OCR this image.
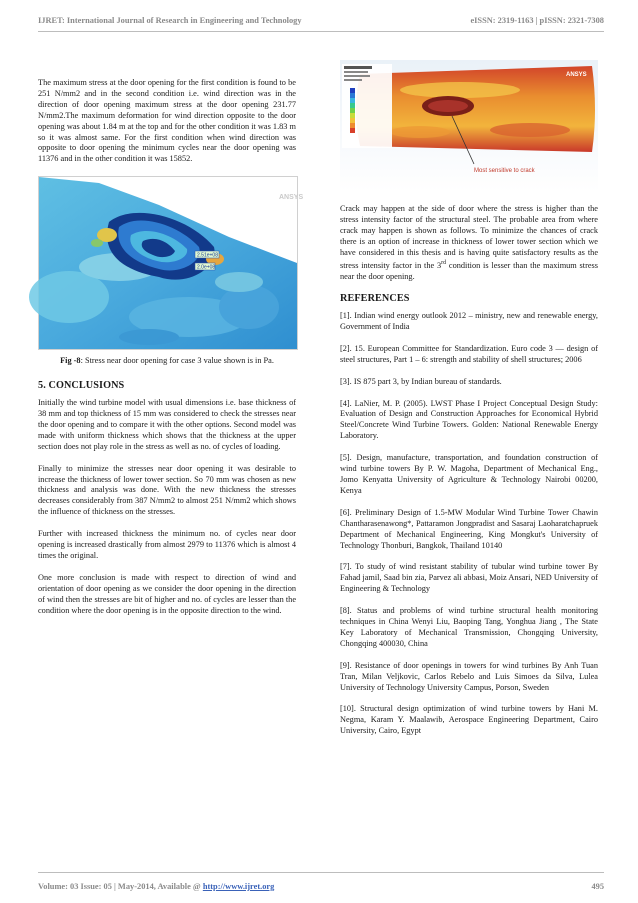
IJRET: International Journal of Research in Engineering and Technology	eISSN: 2319-1163 | pISSN: 2321-7308

The maximum stress at the door opening for the first condition is found to be 251 N/mm2 and in the second condition i.e. wind direction was in the direction of door opening maximum stress at the door opening 231.77 N/mm2.The maximum deformation for wind direction opposite to the door opening was about 1.84 m at the top and for the other condition it was 1.83 m so it was almost same. For the first condition when wind direction was opposite to door opening the minimum cycles near the door opening was 11376 and in the other condition it was 15852.

2.51e+08
2.0e+08
ANSYS
Fig -8: Stress near door opening for case 3 value shown is in Pa.
5. CONCLUSIONS

Initially the wind turbine model with usual dimensions i.e. base thickness of 38 mm and top thickness of 15 mm was considered to check the stresses near the door opening and to compare it with the other options. Second model was made with uniform thickness which shows that the thickness at the upper section does not play role in the stress as well as no. of cycles of loading.

Finally to minimize the stresses near door opening it was desirable to increase the thickness of lower tower section. So 70 mm was chosen as new thickness and analysis was done. With the new thickness the stresses decreases considerably from 387 N/mm2 to almost 251 N/mm2 which shows the influence of thickness on the stresses.

Further with increased thickness the minimum no. of cycles near door opening is increased drastically from almost 2979 to 11376 which is almost 4 times the original.

One more conclusion is made with respect to direction of wind and orientation of door opening as we consider the door opening in the direction of wind then the stresses are bit of higher and no. of cycles are lesser than the condition where the door opening is in the opposite direction to the wind.

Most sensitive to crack
ANSYS

Crack may happen at the side of door where the stress is higher than the stress intensity factor of the structural steel. The probable area from where crack may happen is shown as follows. To minimize the chances of crack there is an option of increase in thickness of lower tower section which we have considered in this thesis and is having quite satisfactory results as the stress intensity factor in the 3rd condition is lesser than the maximum stress near the door opening.

REFERENCES

[1]. Indian wind energy outlook 2012 – ministry, new and renewable energy, Government of India

[2]. 15. European Committee for Standardization. Euro code 3 — design of steel structures, Part 1 – 6: strength and stability of shell structures; 2006

[3]. IS 875 part 3, by Indian bureau of standards.

[4]. LaNier, M. P. (2005). LWST Phase I Project Conceptual Design Study: Evaluation of Design and Construction Approaches for Economical Hybrid Steel/Concrete Wind Turbine Towers. Golden: National Renewable Energy Laboratory.

[5]. Design, manufacture, transportation, and foundation construction of wind turbine towers By P. W. Magoha, Department of Mechanical Eng., Jomo Kenyatta University of Agriculture & Technology Nairobi 00200, Kenya

[6]. Preliminary Design of 1.5-MW Modular Wind Turbine Tower Chawin Chantharasenawong*, Pattaramon Jongpradist and Sasaraj Laoharatchapruek Department of Mechanical Engineering, King Mongkut's University of Technology Thonburi, Bangkok, Thailand 10140

[7]. To study of wind resistant stability of tubular wind turbine tower By Fahad jamil, Saad bin zia, Parvez ali abbasi, Moiz Ansari, NED University of Engineering & Technology

[8]. Status and problems of wind turbine structural health monitoring techniques in China Wenyi Liu, Baoping Tang, Yonghua Jiang , The State Key Laboratory of Mechanical Transmission, Chongqing University, Chongqing 400030, China

[9]. Resistance of door openings in towers for wind turbines By Anh Tuan Tran, Milan Veljkovic, Carlos Rebelo and Luis Simoes da Silva, Lulea University of Technology University Campus, Porson, Sweden

[10]. Structural design optimization of wind turbine towers by Hani M. Negma, Karam Y. Maalawib, Aerospace Engineering Department, Cairo University, Cairo, Egypt

Volume: 03 Issue: 05 | May-2014, Available @ http://www.ijret.org	495
